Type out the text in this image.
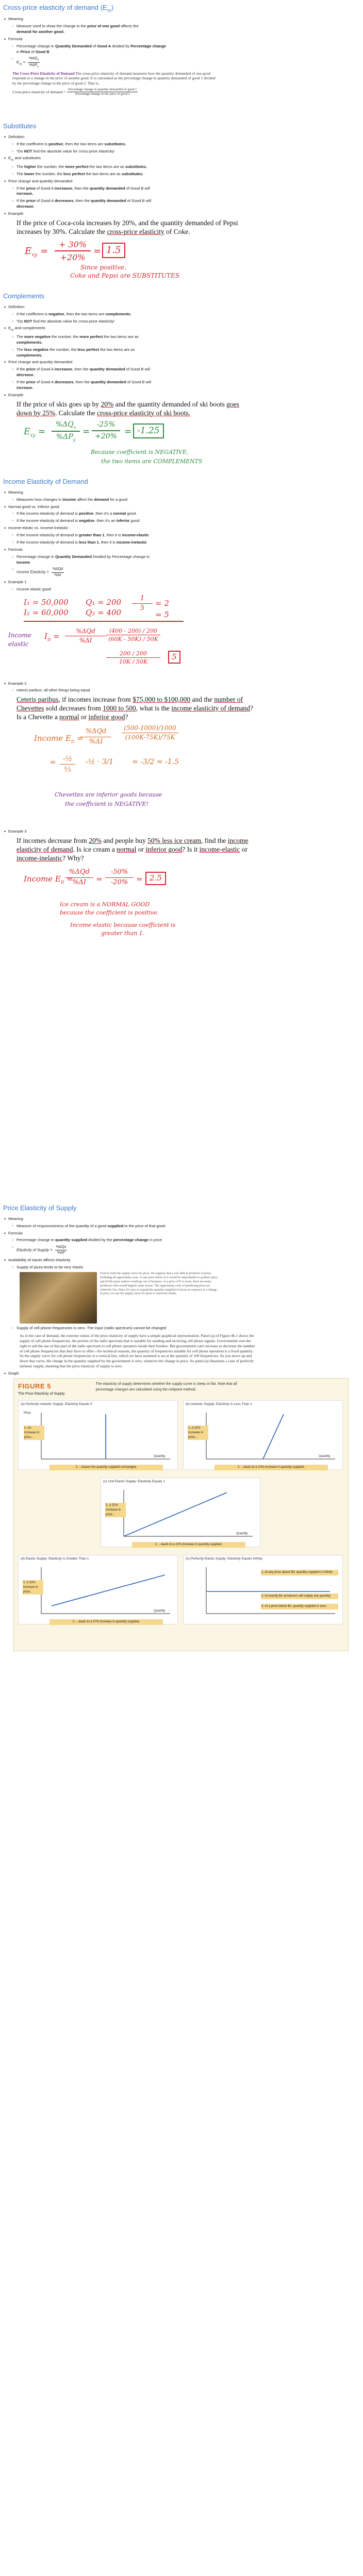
Cross-price elasticity of demand $(E_{xy})$
• Meaning
◦ Measure used to show the change in the price of one good affects the
demand for another good.
• Formula
◦ Percentage change in Quantity Demanded of Good A divided by Percentage change
in Price of Good B
◦ $E_{xy} = \frac{\%\Delta Q_x}{\%\Delta P_y}$
The Cross-Price Elasticity of Demand The cross-price elasticity of demand measures how the quantity demanded of one good responds to a change in the price of another good. It is calculated as the percentage change in quantity demanded of good 1 divided by the percentage change in the price of good 2. That is,
Cross-price elasticity of demand = $\frac{\text{Percentage change in quantity demanded of good 1}}{\text{Percentage change in the price of good 2}}$
Substitutes
• Definition
◦ If the coefficient is positive, then the two items are substitutes.
◦ *Do NOT find the absolute value for cross-price elasticity!
• $E_{xy}$ and substitutes
◦ The higher the number, the more perfect the two items are as substitutes.
◦ The lower the number, the less perfect the two items are as substitutes.
• Price change and quantity demanded
◦ If the price of Good A increases, then the quantity demanded of Good B will
increase.
◦ If the price of Good A decreases, then the quantity demanded of Good B will
decrease.
• Example
If the price of Coca-cola increases by 20%, and the quantity demanded of Pepsi increases by 30%. Calculate the cross-price elasticity of Coke.
$E_{xy}$ =
+ 30%
+20%
= 1.5
Since positive,
Coke and Pepsi are SUBSTITUTES
Complements
• Definition
◦ If the coefficient is negative, then the two items are complements.
◦ *Do NOT find the absolute value for cross-price elasticity!
• $E_{xy}$ and complements
◦ The more negative the number, the more perfect the two items are as
complements.
◦ The less negative the number, the less perfect the two items are as
complements.
• Price change and quantity demanded
◦ If the price of Good A increases, then the quantity demanded of Good B will
decrease.
◦ If the price of Good A decreases, then the quantity demanded of Good B will
increase.
• Example
If the price of skis goes up by 20% and the quantity demanded of ski boots goes down by 25%. Calculate the cross-price elasticity of ski boots.
$E_{xy}$ =
$\%\Delta Q_x$
$\%\Delta P_y$
=
-25%
+20% = -1.25
Because coefficient is NEGATIVE,
the two items are COMPLEMENTS
Income Elasticity of Demand
• Meaning
◦ Measures how changes in income affect the demand for a good
• Normal good vs. Inferior good
◦ If the income elasticity of demand is positive, then it's a normal good.
◦ If the income elasticity of demand is negative, then it's an inferior good.
• Income-elastic vs. Income-inelastic
◦ If the income elasticity of demand is greater than 1, then it is income-elastic
◦ If the income elasticity of demand is less than 1, then it is income-inelastic
• Formula
◦ Percentage change in Quantity Demanded Divided by Percentage change in
Income
◦ Income Elasticity = $\frac{\text{\%ΔQd}}{\%\Delta I}$
• Example 1
◦ Income elastic good
I₁ = 50,000
I₂ = 60,000
Q₁ = 200
Q₂ = 400
1
5
= 2
= 5
Income
elastic
$I_D$ =
%ΔQd
%ΔI
(400 - 200) / 200
(60K - 50K) / 50K
200 / 200
10K / 50K
5
• Example 2
◦ ceteris paribus: all other things being equal
Ceteris paribus, if incomes increase from $75,000 to $100,000 and the number of Chevettes sold decreases from 1000 to 500, what is the income elasticity of demand? Is a Chevette a normal or inferior good?
Income $E_D$ =
%ΔQd
%ΔI
(500-1000)/1000
(100K-75K)/75K
= -½
⅓
-½ · 3/1	= -3/2 = -1.5
Chevettes are inferior goods because
the coefficient is NEGATIVE!
• Example 3
If incomes decrease from 20% and people buy 50% less ice cream, find the income elasticity of demand. Is ice cream a normal or inferior good? Is it income-elastic or income-inelastic? Why?
Income $E_D$ =
%ΔQd
%ΔI	=
-50%
-20%	= 2.5
Ice cream is a NORMAL GOOD
because the coefficient is positive.
Income elastic because coefficient is
greater than 1.
Price Elasticity of Supply
• Meaning
◦ Measure of responsiveness of the quantity of a good supplied to the price of that good
• Formula
◦ Percentage change in quantity supplied divided by the percentage change in price
◦ Elasticity of Supply = $\frac{\text{\%ΔQs}}{\%\Delta P}$
• Availability of inputs affects elasticity
◦ Supply of pizza tends to be very elastic
Food to meet the supply curve for pizza. We suppose that a cost shift in producer of pizza. Including all opportunity costs. At any price below P, it would be unprofitable to produce pizza and all the pizza makers would go out of business. At a price of P or more, there are many producers who would happily make pizzas. The opportunity costs of producing pizza are relatively low. Since it's easy to expand the quantity supplied of pizzas in response to a change in price, we say the supply curve for pizza is relatively elastic.
◦ Supply of cell phone frequencies is zero. The input (radio spectrum) cannot be changed
As in the case of demand, the extreme values of the price elasticity of supply have a simple graphical representation. Panel (a) of Figure 46.1 shows the supply of cell phone frequencies, the portion of the radio spectrum that is suitable for sending and receiving cell phone signals. Governments own the right to sell the use of this part of the radio spectrum to cell phone operators inside their borders. But governments can't increase or decrease the number of cell phone frequencies that they have to offer—for technical reasons, the quantity of frequencies suitable for cell phone operation is a fixed quantity. So the supply curve for cell phone frequencies is a vertical line, which we have assumed is set at the quantity of 100 frequencies. As you move up and down that curve, the change in the quantity supplied by the government is zero, whatever the change in price. So panel (a) illustrates a case of perfectly inelastic supply, meaning that the price elasticity of supply is zero.
• Graph
FIGURE 5
The Price Elasticity of Supply
The elasticity of supply determines whether the supply curve is steep or flat. Note that all percentage changes are calculated using the midpoint method.
(a) Perfectly Inelastic Supply: Elasticity Equals 0
1. An increase in price...
2. ...leaves the quantity supplied unchanged.
Price
Quantity
(b) Inelastic Supply: Elasticity Is Less Than 1
1. A 22% increase in price...
2. ...leads to a 10% increase in quantity supplied.
Quantity
(c) Unit Elastic Supply: Elasticity Equals 1
1. A 22% increase in price...
2. ...leads to a 22% increase in quantity supplied.
Quantity
(d) Elastic Supply: Elasticity Is Greater Than 1
1. A 22% increase in price...
2. ...leads to a 67% increase in quantity supplied.
Quantity
(e) Perfectly Elastic Supply: Elasticity Equals Infinity
1. At any price above $4, quantity supplied is infinite.
2. At exactly $4, producers will supply any quantity.
3. At a price below $4, quantity supplied is zero.
